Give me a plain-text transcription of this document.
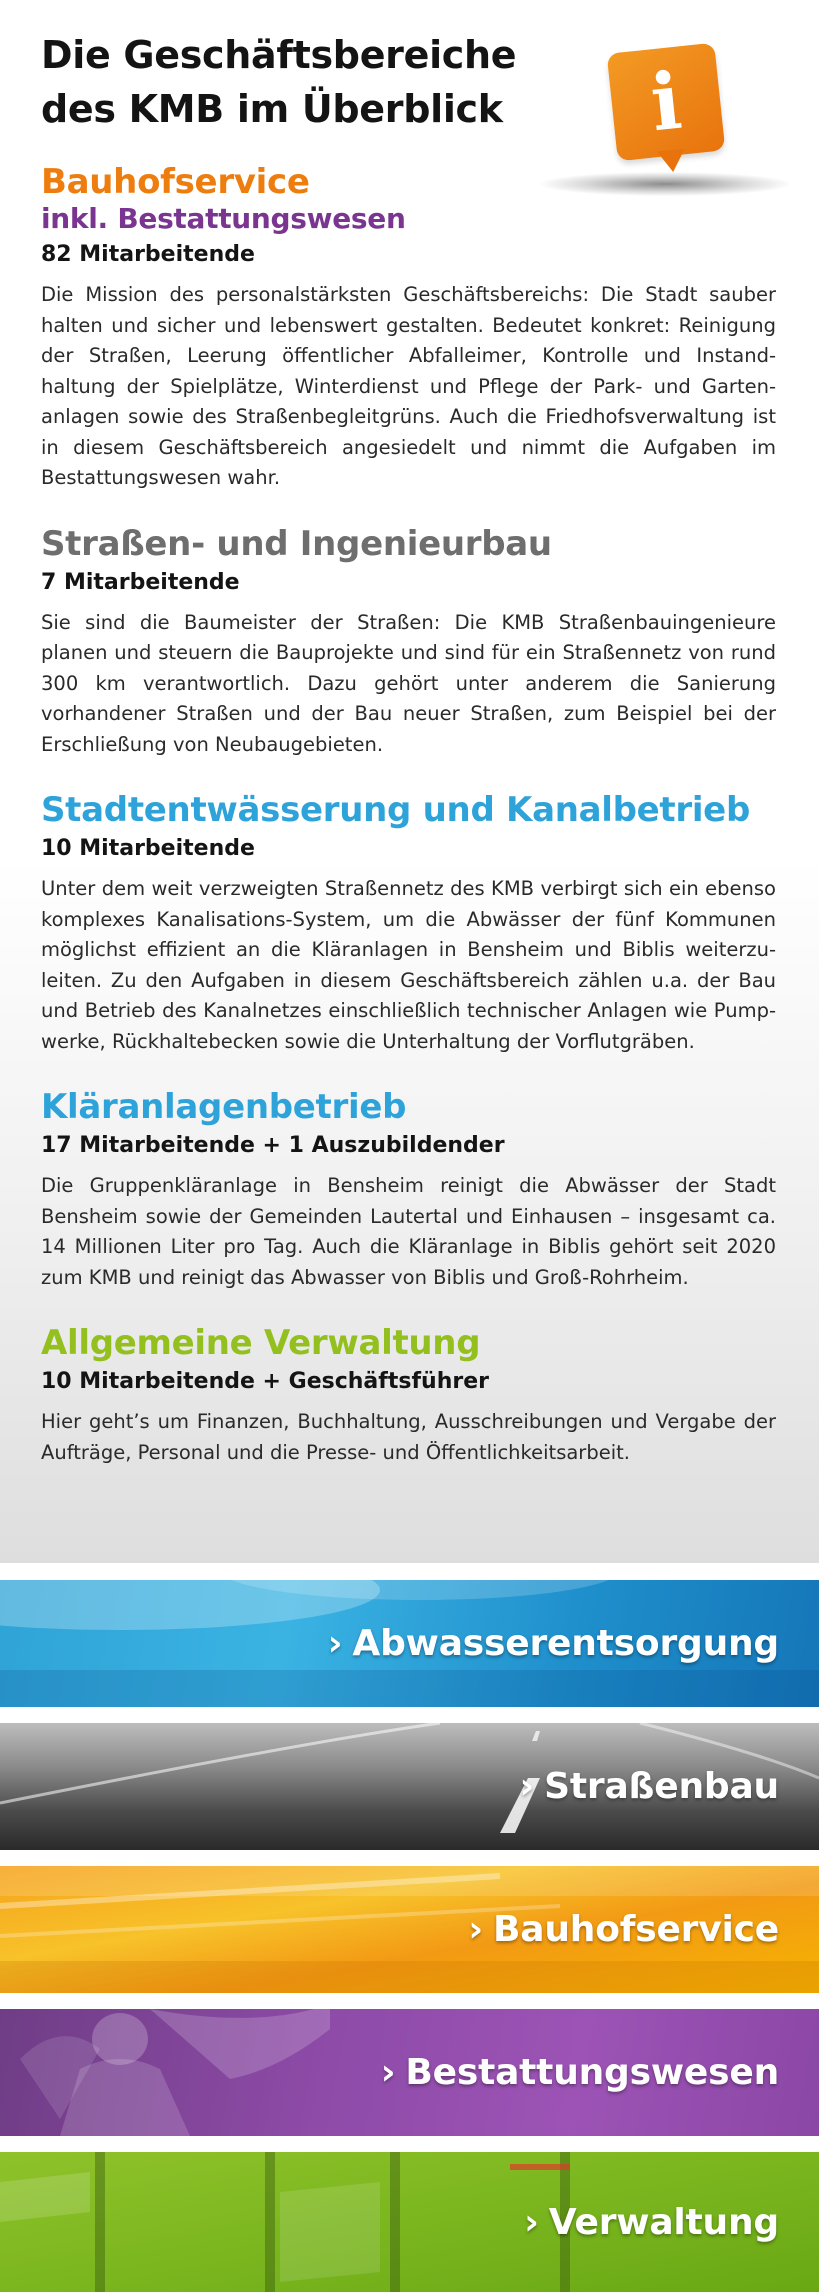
i
Die Geschäftsbereiche des KMB im Überblick
Bauhofservice
inkl. Bestattungswesen

82 Mitarbeitende

Die Mission des personalstärksten Geschäftsbereichs: Die Stadt sauber halten und sicher und lebenswert gestalten. Bedeutet konkret: Reinigung der Straßen, Leerung öffentlicher Abfalleimer, Kontrolle und Instandhaltung der Spielplätze, Winterdienst und Pflege der Park- und Gartenanlagen sowie des Straßenbegleitgrüns. Auch die Friedhofsverwaltung ist in diesem Geschäftsbereich angesiedelt und nimmt die Aufgaben im Bestattungswesen wahr.

Straßen- und Ingenieurbau

7 Mitarbeitende

Sie sind die Baumeister der Straßen: Die KMB Straßenbauingenieure planen und steuern die Bauprojekte und sind für ein Straßennetz von rund 300 km verantwortlich. Dazu gehört unter anderem die Sanierung vorhandener Straßen und der Bau neuer Straßen, zum Beispiel bei der Erschließung von Neubaugebieten.

Stadtentwässerung und Kanalbetrieb

10 Mitarbeitende

Unter dem weit verzweigten Straßennetz des KMB verbirgt sich ein ebenso komplexes Kanalisations-System, um die Abwässer der fünf Kommunen möglichst effizient an die Kläranlagen in Bensheim und Biblis weiterzuleiten. Zu den Aufgaben in diesem Geschäftsbereich zählen u.a. der Bau und Betrieb des Kanalnetzes einschließlich technischer Anlagen wie Pumpwerke, Rückhaltebecken sowie die Unterhaltung der Vorflutgräben.

Kläranlagenbetrieb

17 Mitarbeitende + 1 Auszubildender

Die Gruppenkläranlage in Bensheim reinigt die Abwässer der Stadt Bensheim sowie der Gemeinden Lautertal und Einhausen – insgesamt ca. 14 Millionen Liter pro Tag. Auch die Kläranlage in Biblis gehört seit 2020 zum KMB und reinigt das Abwasser von Biblis und Groß-Rohrheim.

Allgemeine Verwaltung

10 Mitarbeitende + Geschäftsführer

Hier geht’s um Finanzen, Buchhaltung, Ausschreibungen und Vergabe der Aufträge, Personal und die Presse- und Öffentlichkeitsarbeit.

› Abwasserentsorgung
› Straßenbau
› Bauhofservice
› Bestattungswesen
› Verwaltung
